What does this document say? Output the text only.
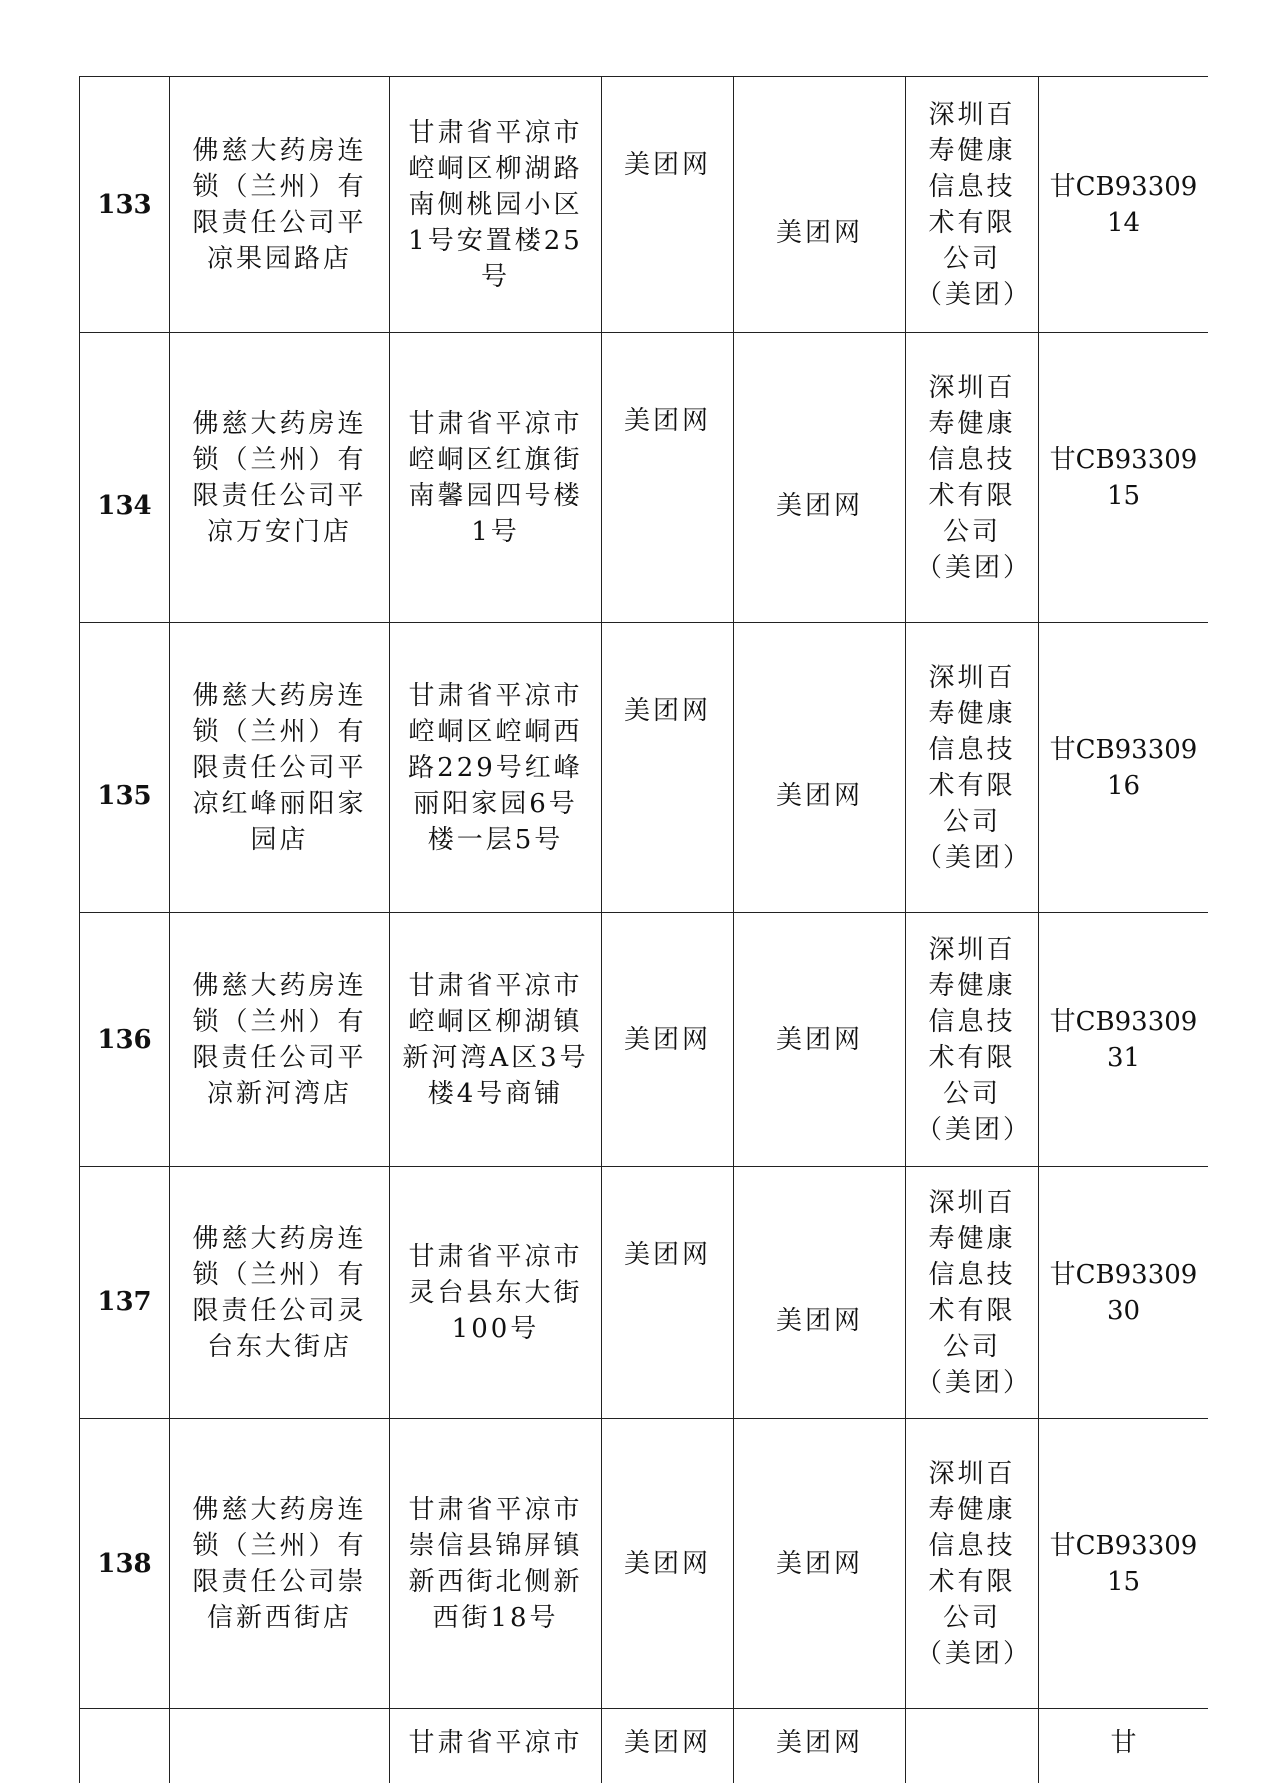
133	佛慈大药房连锁（兰州）有限责任公司平凉果园路店	甘肃省平凉市崆峒区柳湖路南侧桃园小区1号安置楼25号	美团网	美团网	深圳百寿健康信息技术有限公司（美团）	甘CB9330914
134	佛慈大药房连锁（兰州）有限责任公司平凉万安门店	甘肃省平凉市崆峒区红旗街南馨园四号楼1号	美团网	美团网	深圳百寿健康信息技术有限公司（美团）	甘CB9330915
135	佛慈大药房连锁（兰州）有限责任公司平凉红峰丽阳家园店	甘肃省平凉市崆峒区崆峒西路229号红峰丽阳家园6号楼一层5号	美团网	美团网	深圳百寿健康信息技术有限公司（美团）	甘CB9330916
136	佛慈大药房连锁（兰州）有限责任公司平凉新河湾店	甘肃省平凉市崆峒区柳湖镇新河湾A区3号楼4号商铺	美团网	美团网	深圳百寿健康信息技术有限公司（美团）	甘CB9330931
137	佛慈大药房连锁（兰州）有限责任公司灵台东大街店	甘肃省平凉市灵台县东大街100号	美团网	美团网	深圳百寿健康信息技术有限公司（美团）	甘CB9330930
138	佛慈大药房连锁（兰州）有限责任公司崇信新西街店	甘肃省平凉市崇信县锦屏镇新西街北侧新西街18号	美团网	美团网	深圳百寿健康信息技术有限公司（美团）	甘CB9330915
		甘肃省平凉市	美团网	美团网		甘
